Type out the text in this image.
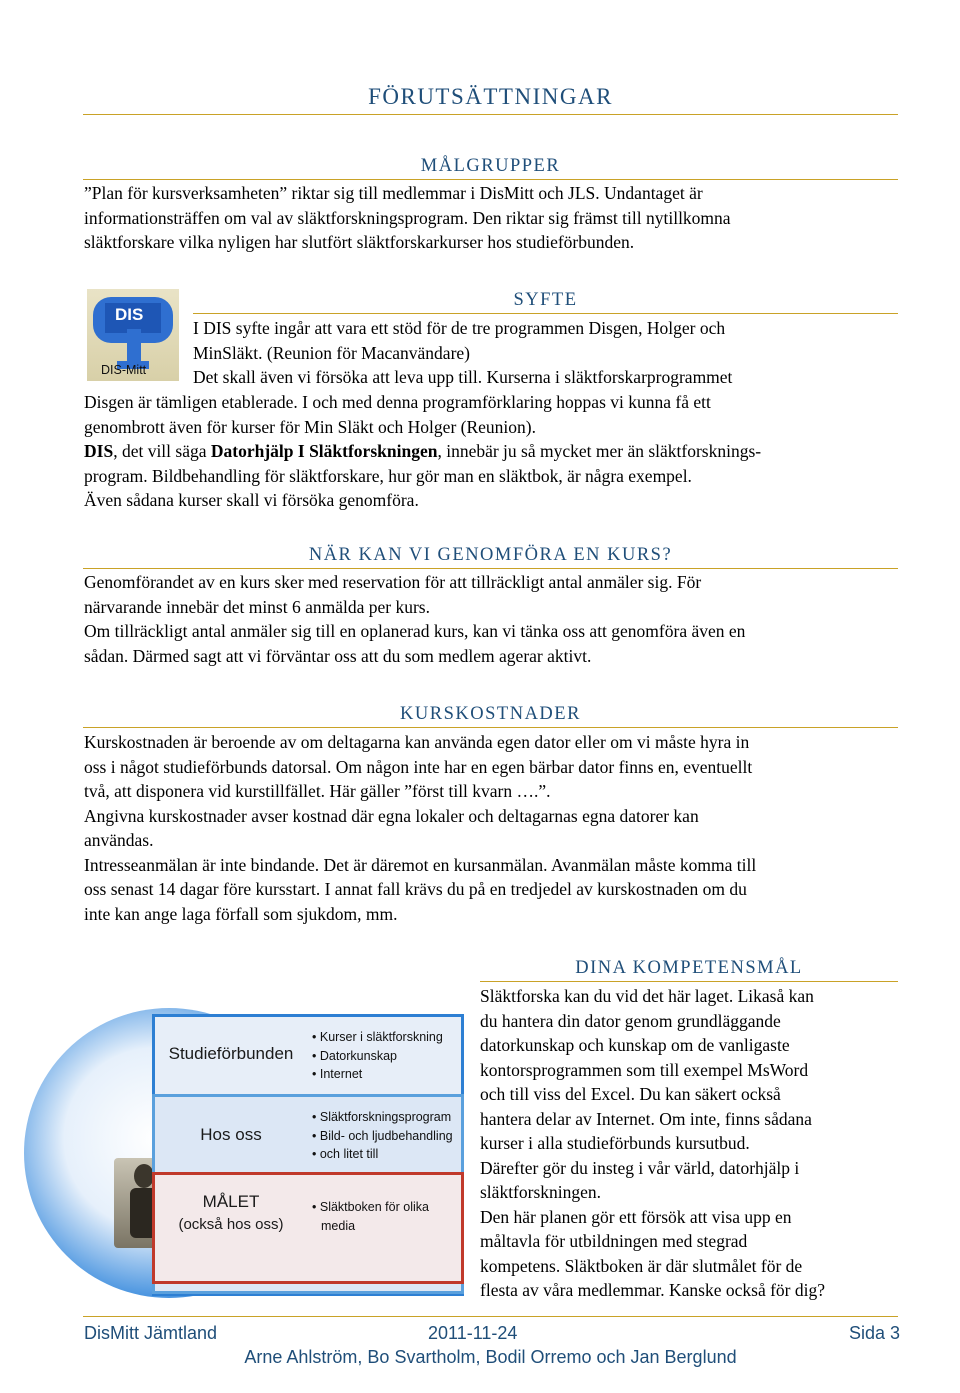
FÖRUTSÄTTNINGAR
MÅLGRUPPER
”Plan för kursverksamheten” riktar sig till medlemmar i DisMitt och JLS. Undantaget är
informationsträffen om val av släktforskningsprogram. Den riktar sig främst till nytillkomna
släktforskare vilka nyligen har slutfört släktforskarkurser hos studieförbunden.
DIS
DIS-Mitt
SYFTE
I DIS syfte ingår att vara ett stöd för de tre programmen Disgen, Holger och
MinSläkt. (Reunion för Macanvändare)
Det skall även vi försöka att leva upp till. Kurserna i släktforskarprogrammet
Disgen är tämligen etablerade. I och med denna programförklaring hoppas vi kunna få ett
genombrott även för kurser för Min Släkt och Holger (Reunion).
DIS, det vill säga Datorhjälp I Släktforskningen, innebär ju så mycket mer än släktforsknings-
program. Bildbehandling för släktforskare, hur gör man en släktbok, är några exempel.
Även sådana kurser skall vi försöka genomföra.
NÄR KAN VI GENOMFÖRA EN KURS?
Genomförandet av en kurs sker med reservation för att tillräckligt antal anmäler sig. För
närvarande innebär det minst 6 anmälda per kurs.
Om tillräckligt antal anmäler sig till en oplanerad kurs, kan vi tänka oss att genomföra även en
sådan. Därmed sagt att vi förväntar oss att du som medlem agerar aktivt.
KURSKOSTNADER
Kurskostnaden är beroende av om deltagarna kan använda egen dator eller om vi måste hyra in
oss i något studieförbunds datorsal. Om någon inte har en egen bärbar dator finns en, eventuellt
två, att disponera vid kurstillfället. Här gäller ”först till kvarn ….”.
Angivna kurskostnader avser kostnad där egna lokaler och deltagarnas egna datorer kan
användas.
Intresseanmälan är inte bindande. Det är däremot en kursanmälan. Avanmälan måste komma till
oss senast 14 dagar före kursstart. I annat fall krävs du på en tredjedel av kurskostnaden om du
inte kan ange laga förfall som sjukdom, mm.
Studieförbunden
• Kurser i släktforskning
• Datorkunskap
• Internet
Hos oss
• Släktforskningsprogram
• Bild- och ljudbehandling
• och litet till
MÅLET
(också hos oss)
• Släktboken för olika
media
DINA KOMPETENSMÅL
Släktforska kan du vid det här laget. Likaså kan
du hantera din dator genom grundläggande
datorkunskap och kunskap om de vanligaste
kontorsprogrammen som till exempel MsWord
och till viss del Excel. Du kan säkert också
hantera delar av Internet. Om inte, finns sådana
kurser i alla studieförbunds kursutbud.
Därefter gör du insteg i vår värld, datorhjälp i
släktforskningen.
Den här planen gör ett försök att visa upp en
måltavla för utbildningen med stegrad
kompetens. Släktboken är där slutmålet för de
flesta av våra medlemmar. Kanske också för dig?
DisMitt Jämtland	2011-11-24	Sida 3
Arne Ahlström, Bo Svartholm, Bodil Orremo och Jan Berglund
